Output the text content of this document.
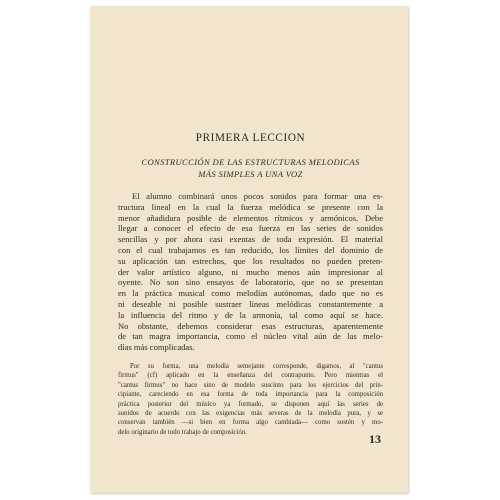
PRIMERA LECCION
CONSTRUCCIÓN DE LAS ESTRUCTURAS MELODICAS
MÁS SIMPLES A UNA VOZ

El alumno combinará unos pocos sonidos para formar una es-
tructura lineal en la cual la fuerza melódica se presente con la
menor añadidura posible de elementos rítmicos y armónicos. Debe
llegar a conocer el efecto de esa fuerza en las series de sonidos
sencillas y por ahora casi exentas de toda expresión. El material
con el cual trabajamos es tan reducido, los límites del dominio de
su aplicación tan estrechos, que los resultados no pueden preten-
der valor artístico alguno, ni mucho menos aún impresionar al
oyente. No son sino ensayos de laboratorio, que no se presentan
en la práctica musical como melodías autónomas, dado que no es
ni deseable ni posible sustraer líneas melódicas constantemente a
la influencia del ritmo y de la armonía, tal como aquí se hace.
No obstante, debemos considerar esas estructuras, aparentemente
de tan magra importancia, como el núcleo vital aún de las melo-
días más complicadas.

Por su forma, una melodía semejante corresponde, digamos, al "cantus
firmus" (cf) aplicado en la enseñanza del contrapunto. Pero mientras el
"cantus firmus" no hace sino de modelo suscinto para los ejercicios del prin-
cipiante, careciendo en esa forma de toda importancia para la composición
práctica posterior del músico ya formado, se disponen aquí las series de
sonidos de acuerdo con las exigencias más severas de la melodía pura, y se
conservan también —si bien en forma algo cambiada— como sostén y mo-
delo originario de todo trabajo de composición.	13
